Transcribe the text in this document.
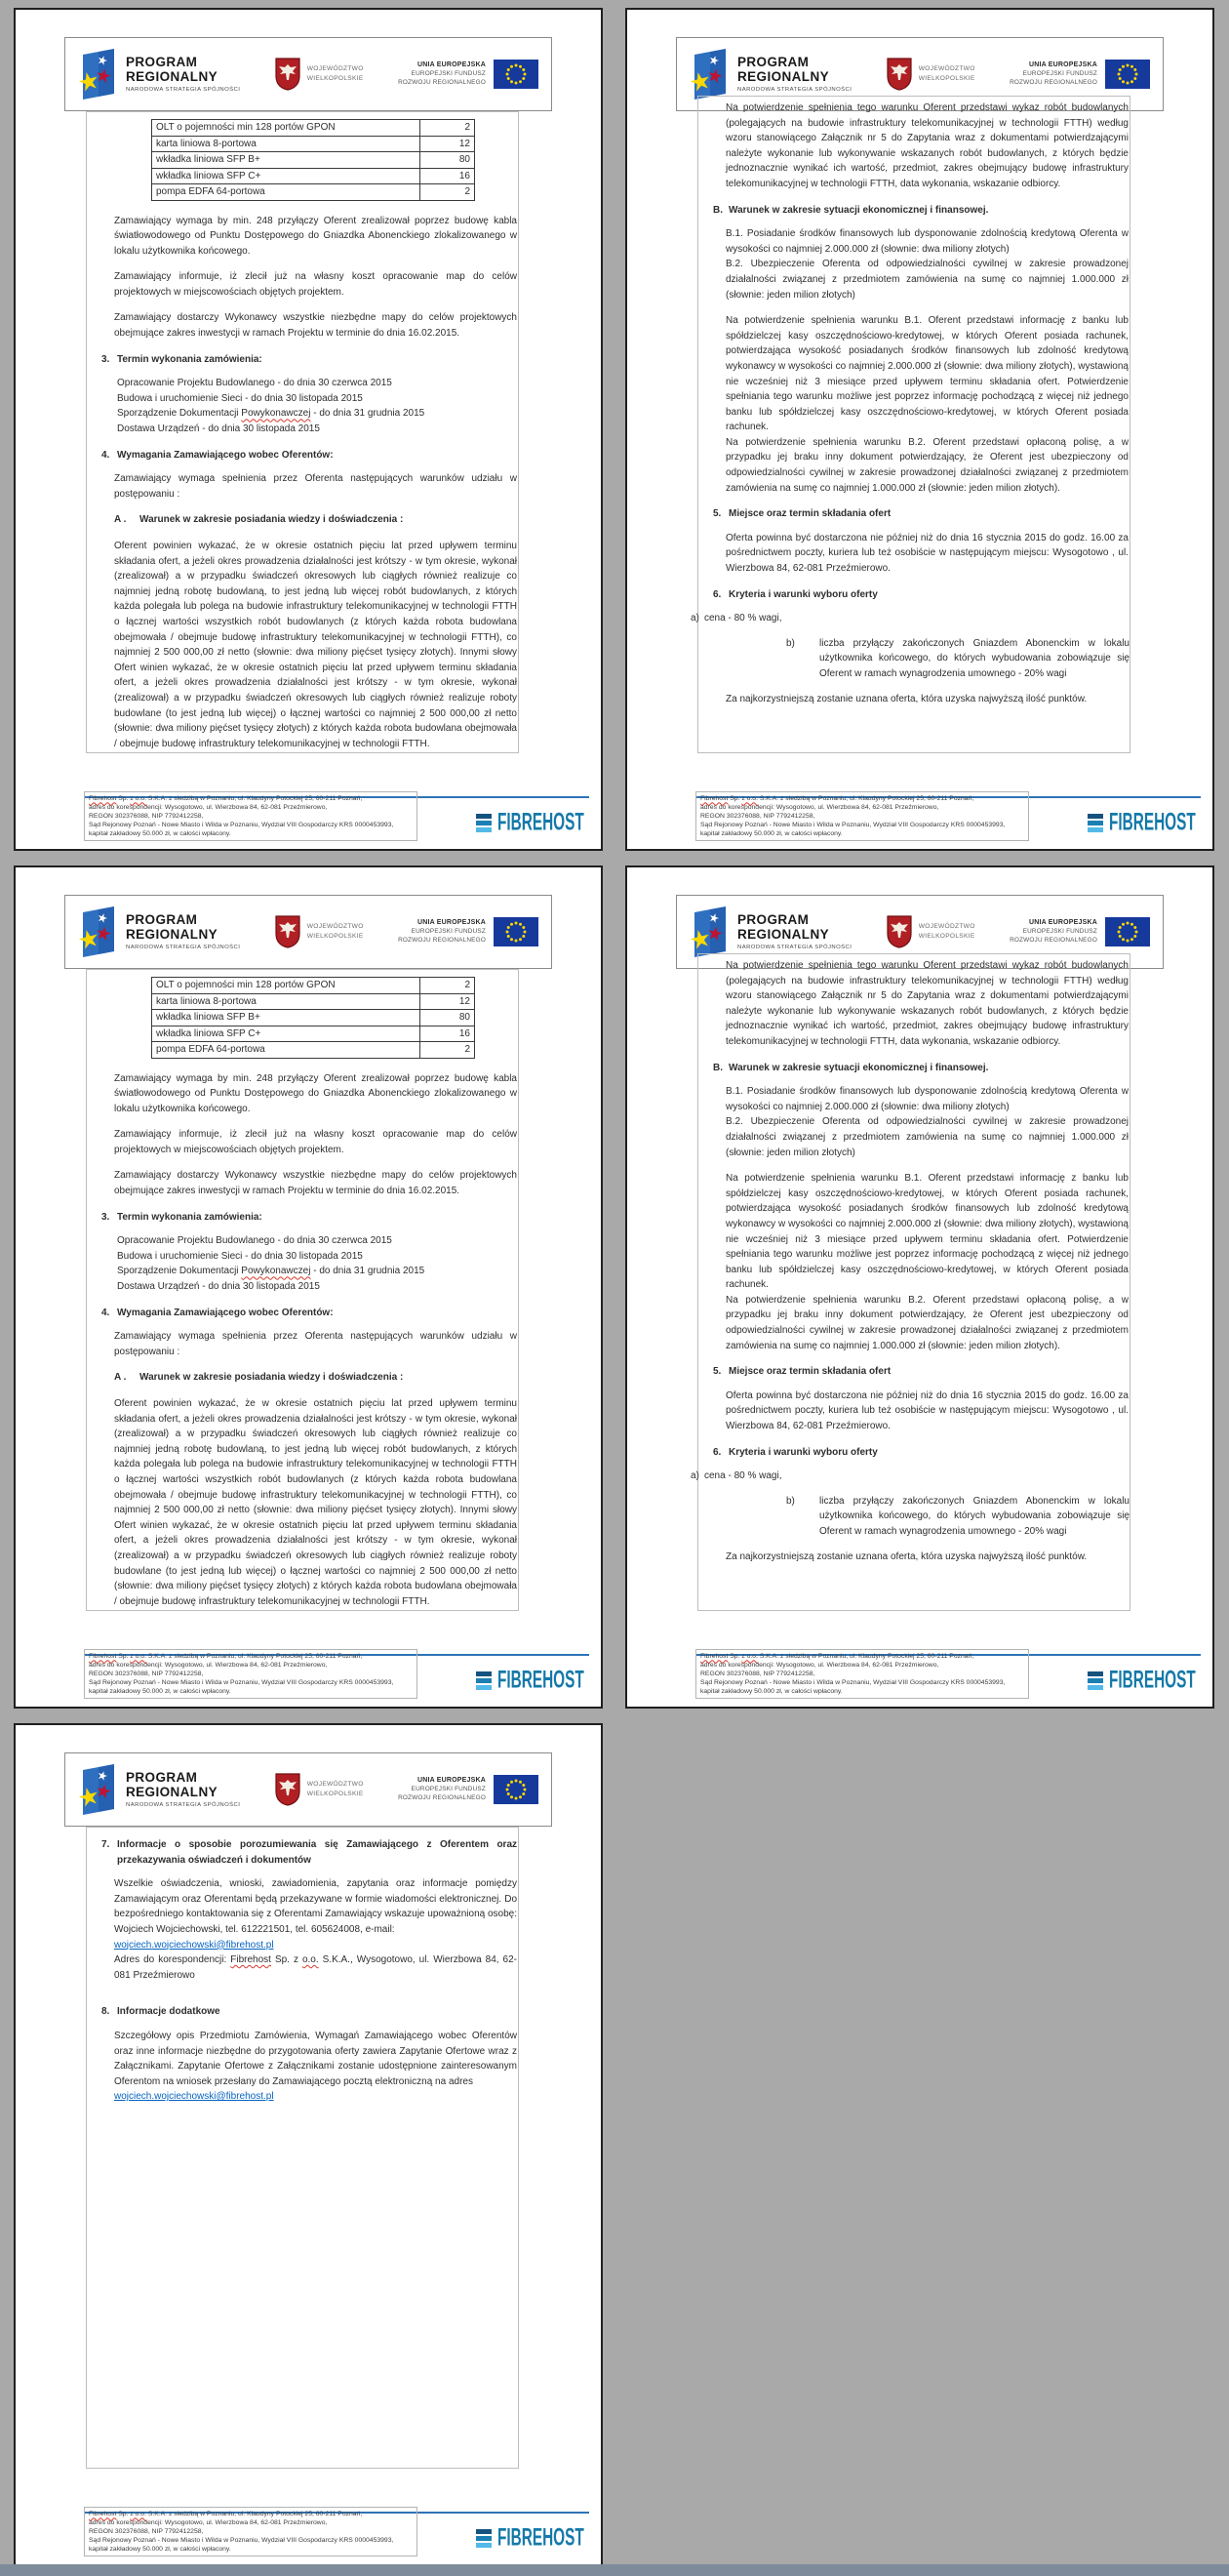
PROGRAM
REGIONALNY
NARODOWA STRATEGIA SPÓJNOŚCI
WOJEWÓDZTWO
WIELKOPOLSKIE
UNIA EUROPEJSKA
EUROPEJSKI FUNDUSZ
ROZWOJU REGIONALNEGO
OLT o pojemności min 128 portów GPON	2
karta liniowa 8-portowa	12
wkładka liniowa SFP B+	80
wkładka liniowa SFP C+	16
pompa EDFA 64-portowa	2

Zamawiający wymaga by min. 248 przyłączy Oferent zrealizował poprzez budowę kabla światłowodowego od Punktu Dostępowego do Gniazdka Abonenckiego zlokalizowanego w lokalu użytkownika końcowego.

Zamawiający informuje, iż zlecił już na własny koszt opracowanie map do celów projektowych w miejscowościach objętych projektem.

Zamawiający dostarczy Wykonawcy wszystkie niezbędne mapy do celów projektowych obejmujące zakres inwestycji w ramach Projektu w terminie do dnia 16.02.2015.

3. Termin wykonania zamówienia:
Opracowanie Projektu Budowlanego - do dnia 30 czerwca 2015
Budowa i uruchomienie Sieci - do dnia 30 listopada 2015
Sporządzenie Dokumentacji Powykonawczej - do dnia 31 grudnia 2015
Dostawa Urządzeń - do dnia 30 listopada 2015
4. Wymagania Zamawiającego wobec Oferentów:

Zamawiający wymaga spełnienia przez Oferenta następujących warunków udziału w postępowaniu :

A .	Warunek w zakresie posiadania wiedzy i doświadczenia :

Oferent powinien wykazać, że w okresie ostatnich pięciu lat przed upływem terminu składania ofert, a jeżeli okres prowadzenia działalności jest krótszy - w tym okresie, wykonał (zrealizował) a w przypadku świadczeń okresowych lub ciągłych również realizuje co najmniej jedną robotę budowlaną, to jest jedną lub więcej robót budowlanych, z których każda polegała lub polega na budowie infrastruktury telekomunikacyjnej w technologii FTTH o łącznej wartości wszystkich robót budowlanych (z których każda robota budowlana obejmowała / obejmuje budowę infrastruktury telekomunikacyjnej w technologii FTTH), co najmniej 2 500 000,00 zł netto (słownie: dwa miliony pięćset tysięcy złotych). Innymi słowy Ofert winien wykazać, że w okresie ostatnich pięciu lat przed upływem terminu składania ofert, a jeżeli okres prowadzenia działalności jest krótszy - w tym okresie, wykonał (zrealizował) a w przypadku świadczeń okresowych lub ciągłych również realizuje roboty budowlane (to jest jedną lub więcej) o łącznej wartości co najmniej 2 500 000,00 zł netto (słownie: dwa miliony pięćset tysięcy złotych) z których każda robota budowlana obejmowała / obejmuje budowę infrastruktury telekomunikacyjnej w technologii FTTH.

Fibrehost Sp. z o.o. S.K.A. z siedzibą w Poznaniu, ul. Klaudyny Potockiej 25, 60-211 Poznań,
adres do korespondencji: Wysogotowo, ul. Wierzbowa 84, 62-081 Przeźmierowo,
REGON 302376088, NIP 7792412258,
Sąd Rejonowy Poznań - Nowe Miasto i Wilda w Poznaniu, Wydział VIII Gospodarczy KRS 0000453993,
kapitał zakładowy 50.000 zł, w całości wpłacony.	FIBREHOST
PROGRAM
REGIONALNY
NARODOWA STRATEGIA SPÓJNOŚCI
WOJEWÓDZTWO
WIELKOPOLSKIE
UNIA EUROPEJSKA
EUROPEJSKI FUNDUSZ
ROZWOJU REGIONALNEGO

Na potwierdzenie spełnienia tego warunku Oferent przedstawi wykaz robót budowlanych (polegających na budowie infrastruktury telekomunikacyjnej w technologii FTTH) według wzoru stanowiącego Załącznik nr 5 do Zapytania wraz z dokumentami potwierdzającymi należyte wykonanie lub wykonywanie wskazanych robót budowlanych, z których będzie jednoznacznie wynikać ich wartość, przedmiot, zakres obejmujący budowę infrastruktury telekomunikacyjnej w technologii FTTH, data wykonania, wskazanie odbiorcy.

B. Warunek w zakresie sytuacji ekonomicznej i finansowej.

B.1. Posiadanie środków finansowych lub dysponowanie zdolnością kredytową Oferenta w wysokości co najmniej 2.000.000 zł (słownie: dwa miliony złotych)

B.2. Ubezpieczenie Oferenta od odpowiedzialności cywilnej w zakresie prowadzonej działalności związanej z przedmiotem zamówienia na sumę co najmniej 1.000.000 zł (słownie: jeden milion złotych)

Na potwierdzenie spełnienia warunku B.1. Oferent przedstawi informację z banku lub spółdzielczej kasy oszczędnościowo-kredytowej, w których Oferent posiada rachunek, potwierdzająca wysokość posiadanych środków finansowych lub zdolność kredytową wykonawcy w wysokości co najmniej 2.000.000 zł (słownie: dwa miliony złotych), wystawioną nie wcześniej niż 3 miesiące przed upływem terminu składania ofert. Potwierdzenie spełniania tego warunku możliwe jest poprzez informację pochodzącą z więcej niż jednego banku lub spółdzielczej kasy oszczędnościowo-kredytowej, w których Oferent posiada rachunek.

Na potwierdzenie spełnienia warunku B.2. Oferent przedstawi opłaconą polisę, a w przypadku jej braku inny dokument potwierdzający, że Oferent jest ubezpieczony od odpowiedzialności cywilnej w zakresie prowadzonej działalności związanej z przedmiotem zamówienia na sumę co najmniej 1.000.000 zł (słownie: jeden milion złotych).

5. Miejsce oraz termin składania ofert

Oferta powinna być dostarczona nie później niż do dnia 16 stycznia 2015 do godz. 16.00 za pośrednictwem poczty, kuriera lub też osobiście w następującym miejscu: Wysogotowo , ul. Wierzbowa 84, 62-081 Przeźmierowo.

6. Kryteria i warunki wyboru oferty
a) cena - 80 % wagi,
b)	liczba przyłączy zakończonych Gniazdem Abonenckim w lokalu użytkownika końcowego, do których wybudowania zobowiązuje się Oferent w ramach wynagrodzenia umownego - 20% wagi

Za najkorzystniejszą zostanie uznana oferta, która uzyska najwyższą ilość punktów.

Fibrehost Sp. z o.o. S.K.A. z siedzibą w Poznaniu, ul. Klaudyny Potockiej 25, 60-211 Poznań,
adres do korespondencji: Wysogotowo, ul. Wierzbowa 84, 62-081 Przeźmierowo,
REGON 302376088, NIP 7792412258,
Sąd Rejonowy Poznań - Nowe Miasto i Wilda w Poznaniu, Wydział VIII Gospodarczy KRS 0000453993,
kapitał zakładowy 50.000 zł, w całości wpłacony.	FIBREHOST
PROGRAM
REGIONALNY
NARODOWA STRATEGIA SPÓJNOŚCI
WOJEWÓDZTWO
WIELKOPOLSKIE
UNIA EUROPEJSKA
EUROPEJSKI FUNDUSZ
ROZWOJU REGIONALNEGO
OLT o pojemności min 128 portów GPON	2
karta liniowa 8-portowa	12
wkładka liniowa SFP B+	80
wkładka liniowa SFP C+	16
pompa EDFA 64-portowa	2

Zamawiający wymaga by min. 248 przyłączy Oferent zrealizował poprzez budowę kabla światłowodowego od Punktu Dostępowego do Gniazdka Abonenckiego zlokalizowanego w lokalu użytkownika końcowego.

Zamawiający informuje, iż zlecił już na własny koszt opracowanie map do celów projektowych w miejscowościach objętych projektem.

Zamawiający dostarczy Wykonawcy wszystkie niezbędne mapy do celów projektowych obejmujące zakres inwestycji w ramach Projektu w terminie do dnia 16.02.2015.

3. Termin wykonania zamówienia:
Opracowanie Projektu Budowlanego - do dnia 30 czerwca 2015
Budowa i uruchomienie Sieci - do dnia 30 listopada 2015
Sporządzenie Dokumentacji Powykonawczej - do dnia 31 grudnia 2015
Dostawa Urządzeń - do dnia 30 listopada 2015
4. Wymagania Zamawiającego wobec Oferentów:

Zamawiający wymaga spełnienia przez Oferenta następujących warunków udziału w postępowaniu :

A .	Warunek w zakresie posiadania wiedzy i doświadczenia :

Oferent powinien wykazać, że w okresie ostatnich pięciu lat przed upływem terminu składania ofert, a jeżeli okres prowadzenia działalności jest krótszy - w tym okresie, wykonał (zrealizował) a w przypadku świadczeń okresowych lub ciągłych również realizuje co najmniej jedną robotę budowlaną, to jest jedną lub więcej robót budowlanych, z których każda polegała lub polega na budowie infrastruktury telekomunikacyjnej w technologii FTTH o łącznej wartości wszystkich robót budowlanych (z których każda robota budowlana obejmowała / obejmuje budowę infrastruktury telekomunikacyjnej w technologii FTTH), co najmniej 2 500 000,00 zł netto (słownie: dwa miliony pięćset tysięcy złotych). Innymi słowy Ofert winien wykazać, że w okresie ostatnich pięciu lat przed upływem terminu składania ofert, a jeżeli okres prowadzenia działalności jest krótszy - w tym okresie, wykonał (zrealizował) a w przypadku świadczeń okresowych lub ciągłych również realizuje roboty budowlane (to jest jedną lub więcej) o łącznej wartości co najmniej 2 500 000,00 zł netto (słownie: dwa miliony pięćset tysięcy złotych) z których każda robota budowlana obejmowała / obejmuje budowę infrastruktury telekomunikacyjnej w technologii FTTH.

Fibrehost Sp. z o.o. S.K.A. z siedzibą w Poznaniu, ul. Klaudyny Potockiej 25, 60-211 Poznań,
adres do korespondencji: Wysogotowo, ul. Wierzbowa 84, 62-081 Przeźmierowo,
REGON 302376088, NIP 7792412258,
Sąd Rejonowy Poznań - Nowe Miasto i Wilda w Poznaniu, Wydział VIII Gospodarczy KRS 0000453993,
kapitał zakładowy 50.000 zł, w całości wpłacony.	FIBREHOST
PROGRAM
REGIONALNY
NARODOWA STRATEGIA SPÓJNOŚCI
WOJEWÓDZTWO
WIELKOPOLSKIE
UNIA EUROPEJSKA
EUROPEJSKI FUNDUSZ
ROZWOJU REGIONALNEGO

Na potwierdzenie spełnienia tego warunku Oferent przedstawi wykaz robót budowlanych (polegających na budowie infrastruktury telekomunikacyjnej w technologii FTTH) według wzoru stanowiącego Załącznik nr 5 do Zapytania wraz z dokumentami potwierdzającymi należyte wykonanie lub wykonywanie wskazanych robót budowlanych, z których będzie jednoznacznie wynikać ich wartość, przedmiot, zakres obejmujący budowę infrastruktury telekomunikacyjnej w technologii FTTH, data wykonania, wskazanie odbiorcy.

B. Warunek w zakresie sytuacji ekonomicznej i finansowej.

B.1. Posiadanie środków finansowych lub dysponowanie zdolnością kredytową Oferenta w wysokości co najmniej 2.000.000 zł (słownie: dwa miliony złotych)

B.2. Ubezpieczenie Oferenta od odpowiedzialności cywilnej w zakresie prowadzonej działalności związanej z przedmiotem zamówienia na sumę co najmniej 1.000.000 zł (słownie: jeden milion złotych)

Na potwierdzenie spełnienia warunku B.1. Oferent przedstawi informację z banku lub spółdzielczej kasy oszczędnościowo-kredytowej, w których Oferent posiada rachunek, potwierdzająca wysokość posiadanych środków finansowych lub zdolność kredytową wykonawcy w wysokości co najmniej 2.000.000 zł (słownie: dwa miliony złotych), wystawioną nie wcześniej niż 3 miesiące przed upływem terminu składania ofert. Potwierdzenie spełniania tego warunku możliwe jest poprzez informację pochodzącą z więcej niż jednego banku lub spółdzielczej kasy oszczędnościowo-kredytowej, w których Oferent posiada rachunek.

Na potwierdzenie spełnienia warunku B.2. Oferent przedstawi opłaconą polisę, a w przypadku jej braku inny dokument potwierdzający, że Oferent jest ubezpieczony od odpowiedzialności cywilnej w zakresie prowadzonej działalności związanej z przedmiotem zamówienia na sumę co najmniej 1.000.000 zł (słownie: jeden milion złotych).

5. Miejsce oraz termin składania ofert

Oferta powinna być dostarczona nie później niż do dnia 16 stycznia 2015 do godz. 16.00 za pośrednictwem poczty, kuriera lub też osobiście w następującym miejscu: Wysogotowo , ul. Wierzbowa 84, 62-081 Przeźmierowo.

6. Kryteria i warunki wyboru oferty
a) cena - 80 % wagi,
b)	liczba przyłączy zakończonych Gniazdem Abonenckim w lokalu użytkownika końcowego, do których wybudowania zobowiązuje się Oferent w ramach wynagrodzenia umownego - 20% wagi

Za najkorzystniejszą zostanie uznana oferta, która uzyska najwyższą ilość punktów.

Fibrehost Sp. z o.o. S.K.A. z siedzibą w Poznaniu, ul. Klaudyny Potockiej 25, 60-211 Poznań,
adres do korespondencji: Wysogotowo, ul. Wierzbowa 84, 62-081 Przeźmierowo,
REGON 302376088, NIP 7792412258,
Sąd Rejonowy Poznań - Nowe Miasto i Wilda w Poznaniu, Wydział VIII Gospodarczy KRS 0000453993,
kapitał zakładowy 50.000 zł, w całości wpłacony.	FIBREHOST
PROGRAM
REGIONALNY
NARODOWA STRATEGIA SPÓJNOŚCI
WOJEWÓDZTWO
WIELKOPOLSKIE
UNIA EUROPEJSKA
EUROPEJSKI FUNDUSZ
ROZWOJU REGIONALNEGO
7. Informacje o sposobie porozumiewania się Zamawiającego z Oferentem oraz przekazywania oświadczeń i dokumentów

Wszelkie oświadczenia, wnioski, zawiadomienia, zapytania oraz informacje pomiędzy Zamawiającym oraz Oferentami będą przekazywane w formie wiadomości elektronicznej. Do bezpośredniego kontaktowania się z Oferentami Zamawiający wskazuje upoważnioną osobę: Wojciech Wojciechowski, tel. 612221501, tel. 605624008, e-mail:

wojciech.wojciechowski@fibrehost.pl

Adres do korespondencji: Fibrehost Sp. z o.o. S.K.A., Wysogotowo, ul. Wierzbowa 84, 62-081 Przeźmierowo

8. Informacje dodatkowe

Szczegółowy opis Przedmiotu Zamówienia, Wymagań Zamawiającego wobec Oferentów oraz inne informacje niezbędne do przygotowania oferty zawiera Zapytanie Ofertowe wraz z Załącznikami. Zapytanie Ofertowe z Załącznikami zostanie udostępnione zainteresowanym Oferentom na wniosek przesłany do Zamawiającego pocztą elektroniczną na adres

wojciech.wojciechowski@fibrehost.pl

Fibrehost Sp. z o.o. S.K.A. z siedzibą w Poznaniu, ul. Klaudyny Potockiej 25, 60-211 Poznań,
adres do korespondencji: Wysogotowo, ul. Wierzbowa 84, 62-081 Przeźmierowo,
REGON 302376088, NIP 7792412258,
Sąd Rejonowy Poznań - Nowe Miasto i Wilda w Poznaniu, Wydział VIII Gospodarczy KRS 0000453993,
kapitał zakładowy 50.000 zł, w całości wpłacony.	FIBREHOST
